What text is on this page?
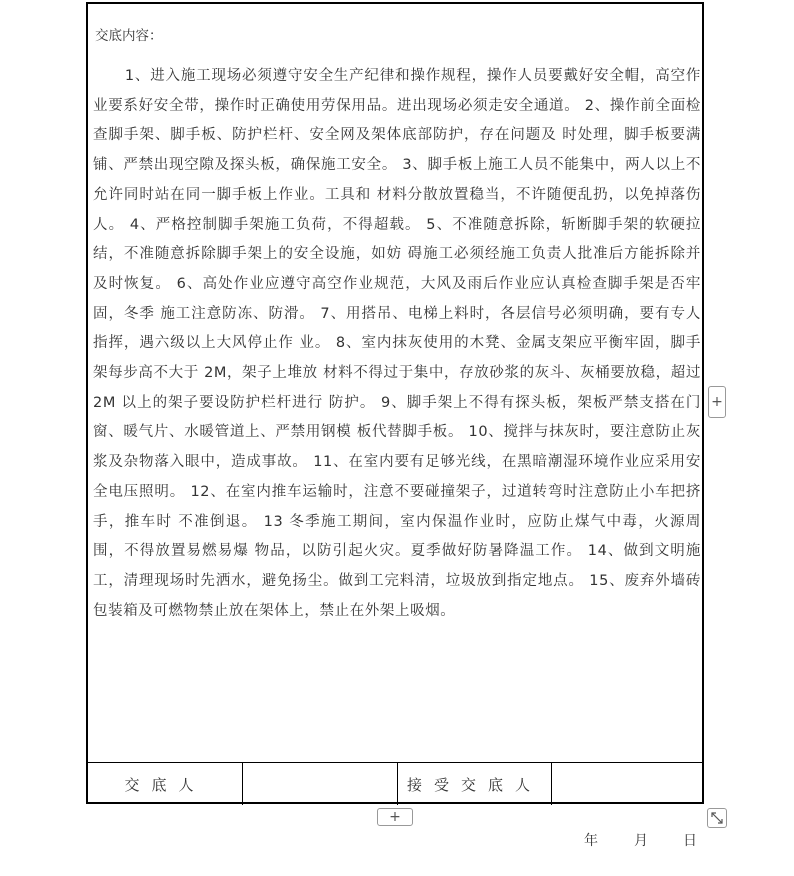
交底内容：
1、进入施工现场必须遵守安全生产纪律和操作规程，操作人员要戴好安全帽，高空作 业要系好安全带，操作时正确使用劳保用品。进出现场必须走安全通道。 2、操作前全面检查脚手架、脚手板、防护栏杆、安全网及架体底部防护，存在问题及 时处理，脚手板要满铺、严禁出现空隙及探头板，确保施工安全。 3、脚手板上施工人员不能集中，两人以上不允许同时站在同一脚手板上作业。工具和 材料分散放置稳当，不许随便乱扔，以免掉落伤人。 4、严格控制脚手架施工负荷，不得超载。 5、不准随意拆除，斩断脚手架的软硬拉结，不准随意拆除脚手架上的安全设施，如妨 碍施工必须经施工负责人批准后方能拆除并及时恢复。 6、高处作业应遵守高空作业规范，大风及雨后作业应认真检查脚手架是否牢固，冬季 施工注意防冻、防滑。 7、用搭吊、电梯上料时，各层信号必须明确，要有专人指挥，遇六级以上大风停止作 业。 8、室内抹灰使用的木凳、金属支架应平衡牢固，脚手架每步高不大于 2M，架子上堆放 材料不得过于集中，存放砂浆的灰斗、灰桶要放稳，超过 2M 以上的架子要设防护栏杆进行 防护。 9、脚手架上不得有探头板，架板严禁支搭在门窗、暖气片、水暖管道上、严禁用钢模 板代替脚手板。 10、搅拌与抹灰时，要注意防止灰浆及杂物落入眼中，造成事故。 11、在室内要有足够光线，在黑暗潮湿环境作业应采用安全电压照明。 12、在室内推车运输时，注意不要碰撞架子，过道转弯时注意防止小车把挤手，推车时 不准倒退。 13 冬季施工期间，室内保温作业时，应防止煤气中毒，火源周围，不得放置易燃易爆 物品，以防引起火灾。夏季做好防暑降温工作。 14、做到文明施工，清理现场时先洒水，避免扬尘。做到工完料清，垃圾放到指定地点。 15、废弃外墙砖包装箱及可燃物禁止放在架体上，禁止在外架上吸烟。
交底人	接受交底人
+
+
年	月	日
